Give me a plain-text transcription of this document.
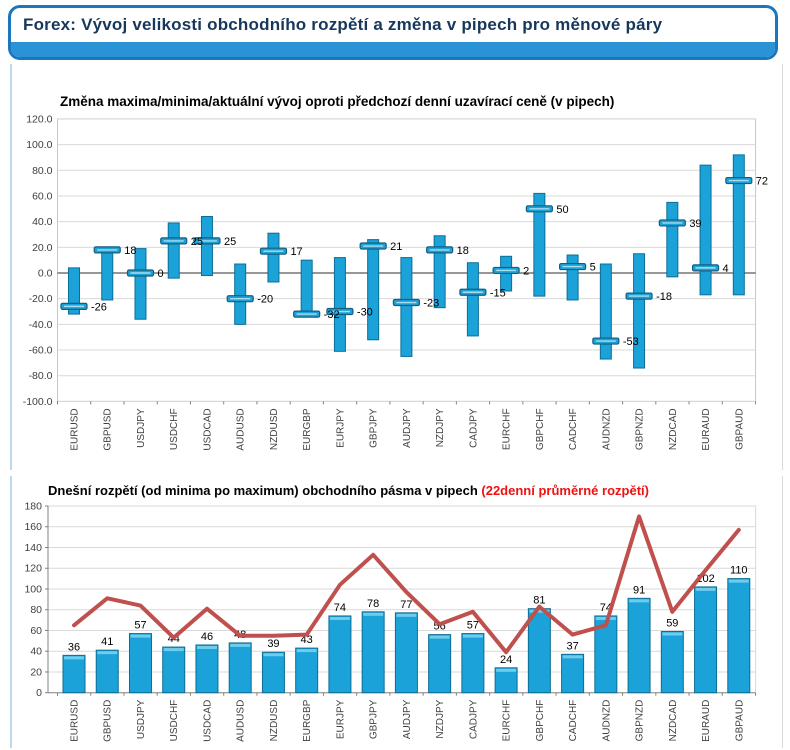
Forex: Vývoj velikosti obchodního rozpětí a změna v pipech pro měnové páry
Změna maxima/minima/aktuální vývoj oproti předchozí denní uzavírací ceně (v pipech)
-100.0
-80.0
-60.0
-40.0
-20.0
0.0
20.0
40.0
60.0
80.0
100.0
120.0
-26
EURUSD
18
GBPUSD
0
USDJPY
25
USDCHF
25
USDCAD
-20
AUDUSD
17
NZDUSD
-32
EURGBP
-30
EURJPY
21
GBPJPY
-23
AUDJPY
18
NZDJPY
-15
CADJPY
2
EURCHF
50
GBPCHF
5
CADCHF
-53
AUDNZD
-18
GBPNZD
39
NZDCAD
4
EURAUD
72
GBPAUD
Dnešní rozpětí (od minima po maximum) obchodního pásma v pipech (22denní průměrné rozpětí)
0
20
40
60
80
100
120
140
160
180
36
EURUSD
41
GBPUSD
57
USDJPY
44
USDCHF
46
USDCAD
48
AUDUSD
39
NZDUSD
43
EURGBP
74
EURJPY
78
GBPJPY
77
AUDJPY
56
NZDJPY
57
CADJPY
24
EURCHF
81
GBPCHF
37
CADCHF
74
AUDNZD
91
GBPNZD
59
NZDCAD
102
EURAUD
110
GBPAUD
